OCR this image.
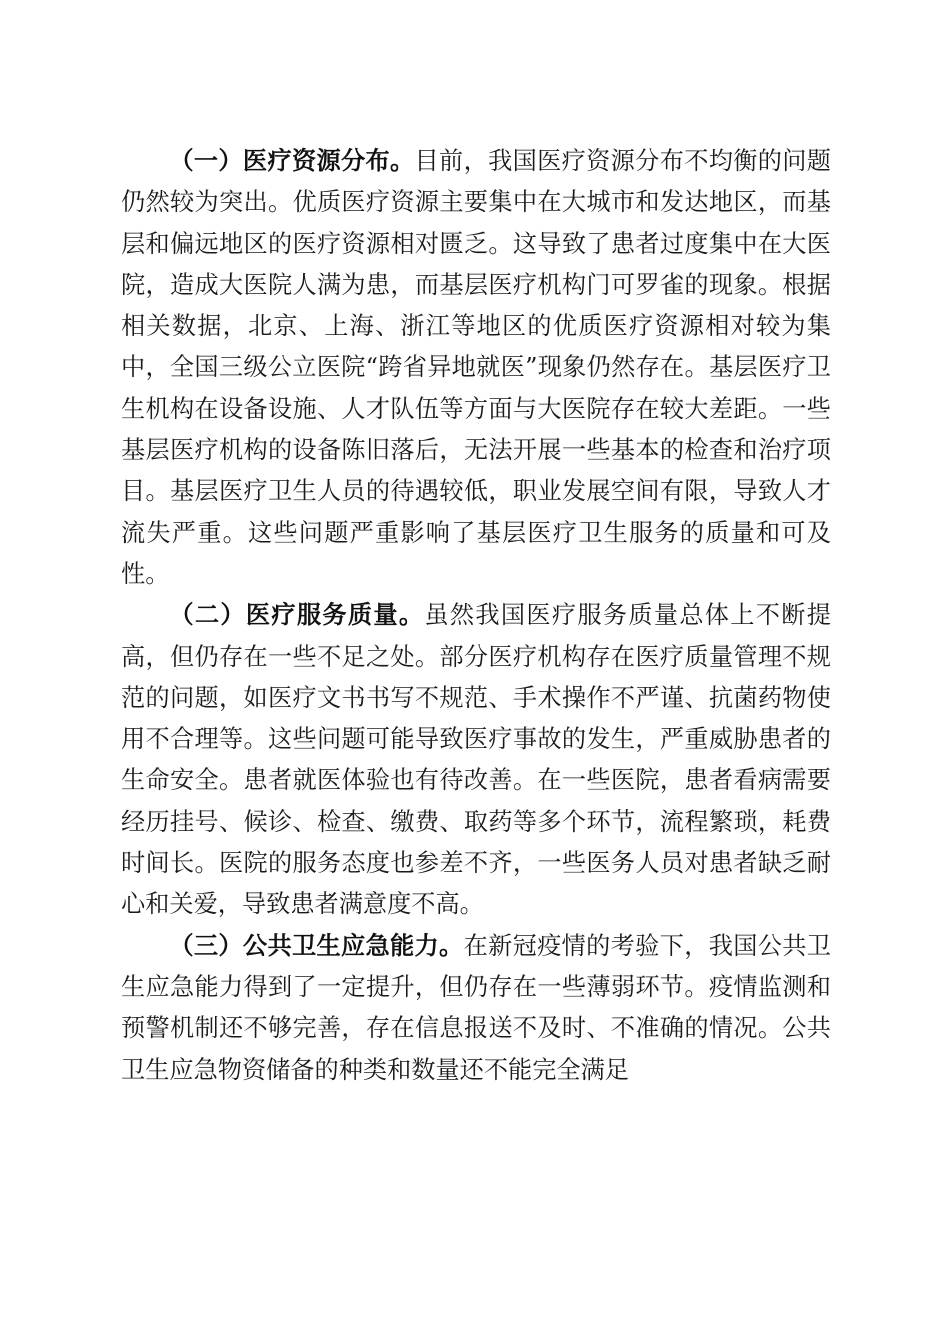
（一）医疗资源分布。目前，我国医疗资源分布不均衡的问题仍然较为突出。优质医疗资源主要集中在大城市和发达地区，而基层和偏远地区的医疗资源相对匮乏。这导致了患者过度集中在大医院，造成大医院人满为患，而基层医疗机构门可罗雀的现象。根据相关数据，北京、上海、浙江等地区的优质医疗资源相对较为集中，全国三级公立医院“跨省异地就医”现象仍然存在。基层医疗卫生机构在设备设施、人才队伍等方面与大医院存在较大差距。一些基层医疗机构的设备陈旧落后，无法开展一些基本的检查和治疗项目。基层医疗卫生人员的待遇较低，职业发展空间有限，导致人才流失严重。这些问题严重影响了基层医疗卫生服务的质量和可及性。

（二）医疗服务质量。虽然我国医疗服务质量总体上不断提高，但仍存在一些不足之处。部分医疗机构存在医疗质量管理不规范的问题，如医疗文书书写不规范、手术操作不严谨、抗菌药物使用不合理等。这些问题可能导致医疗事故的发生，严重威胁患者的生命安全。患者就医体验也有待改善。在一些医院，患者看病需要经历挂号、候诊、检查、缴费、取药等多个环节，流程繁琐，耗费时间长。医院的服务态度也参差不齐，一些医务人员对患者缺乏耐心和关爱，导致患者满意度不高。

（三）公共卫生应急能力。在新冠疫情的考验下，我国公共卫生应急能力得到了一定提升，但仍存在一些薄弱环节。疫情监测和预警机制还不够完善，存在信息报送不及时、不准确的情况。公共卫生应急物资储备的种类和数量还不能完全满足
